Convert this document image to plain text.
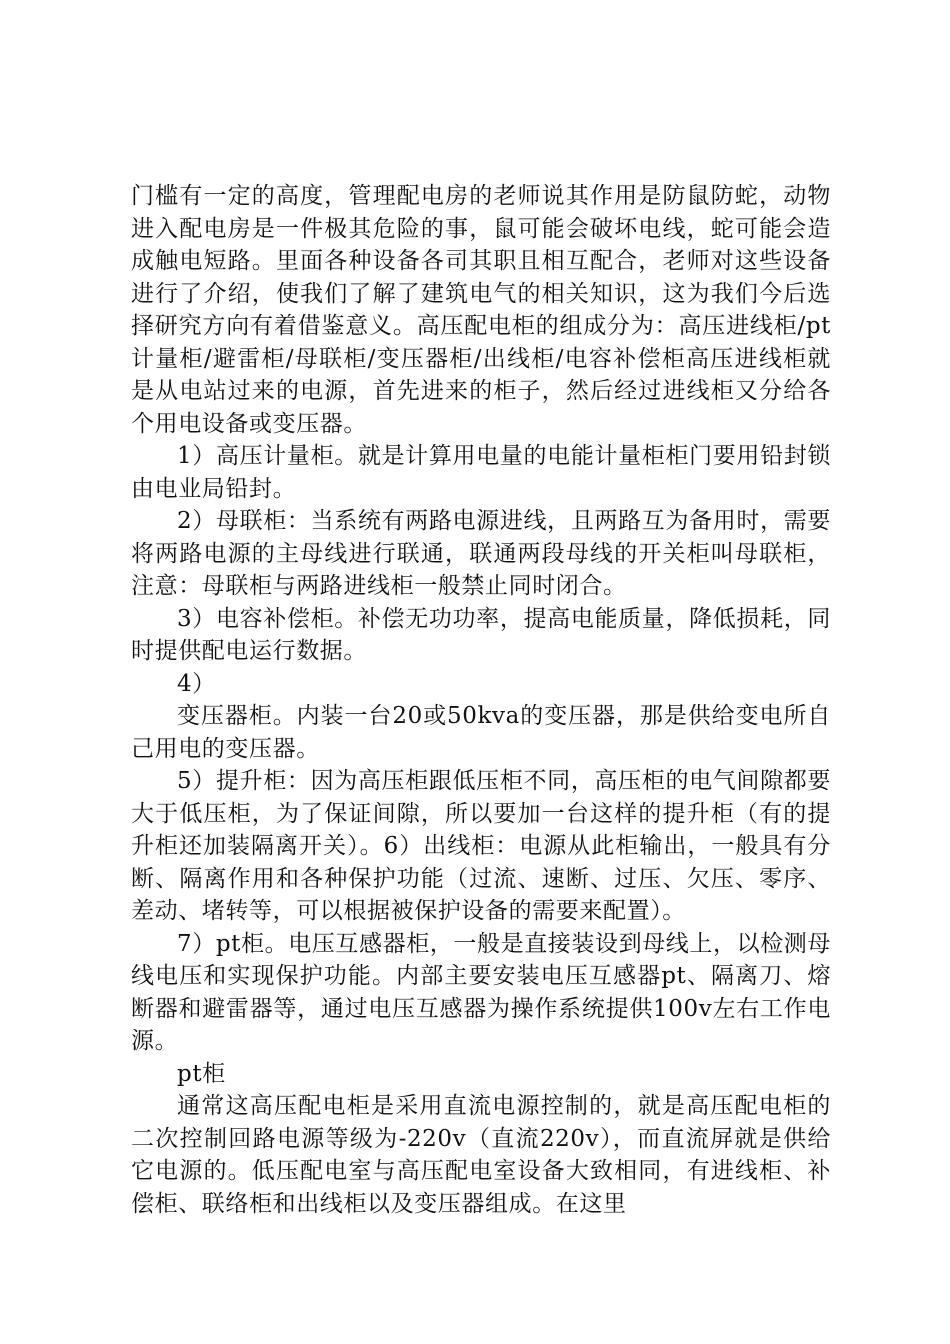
门槛有一定的高度，管理配电房的老师说其作用是防鼠防蛇，动物进入配电房是一件极其危险的事，鼠可能会破坏电线，蛇可能会造成触电短路。里面各种设备各司其职且相互配合，老师对这些设备进行了介绍，使我们了解了建筑电气的相关知识，这为我们今后选择研究方向有着借鉴意义。高压配电柜的组成分为：高压进线柜/pt计量柜/避雷柜/母联柜/变压器柜/出线柜/电容补偿柜高压进线柜就是从电站过来的电源，首先进来的柜子，然后经过进线柜又分给各个用电设备或变压器。

1）高压计量柜。就是计算用电量的电能计量柜柜门要用铅封锁由电业局铅封。

2）母联柜：当系统有两路电源进线，且两路互为备用时，需要将两路电源的主母线进行联通，联通两段母线的开关柜叫母联柜，注意：母联柜与两路进线柜一般禁止同时闭合。

3）电容补偿柜。补偿无功功率，提高电能质量，降低损耗，同时提供配电运行数据。

4）

变压器柜。内装一台20或50kva的变压器，那是供给变电所自己用电的变压器。

5）提升柜：因为高压柜跟低压柜不同，高压柜的电气间隙都要大于低压柜，为了保证间隙，所以要加一台这样的提升柜（有的提升柜还加装隔离开关）。6）出线柜：电源从此柜输出，一般具有分断、隔离作用和各种保护功能（过流、速断、过压、欠压、零序、差动、堵转等，可以根据被保护设备的需要来配置）。

7）pt柜。电压互感器柜，一般是直接装设到母线上，以检测母线电压和实现保护功能。内部主要安装电压互感器pt、隔离刀、熔断器和避雷器等，通过电压互感器为操作系统提供100v左右工作电源。

pt柜

通常这高压配电柜是采用直流电源控制的，就是高压配电柜的二次控制回路电源等级为-220v（直流220v），而直流屏就是供给它电源的。低压配电室与高压配电室设备大致相同，有进线柜、补偿柜、联络柜和出线柜以及变压器组成。在这里
